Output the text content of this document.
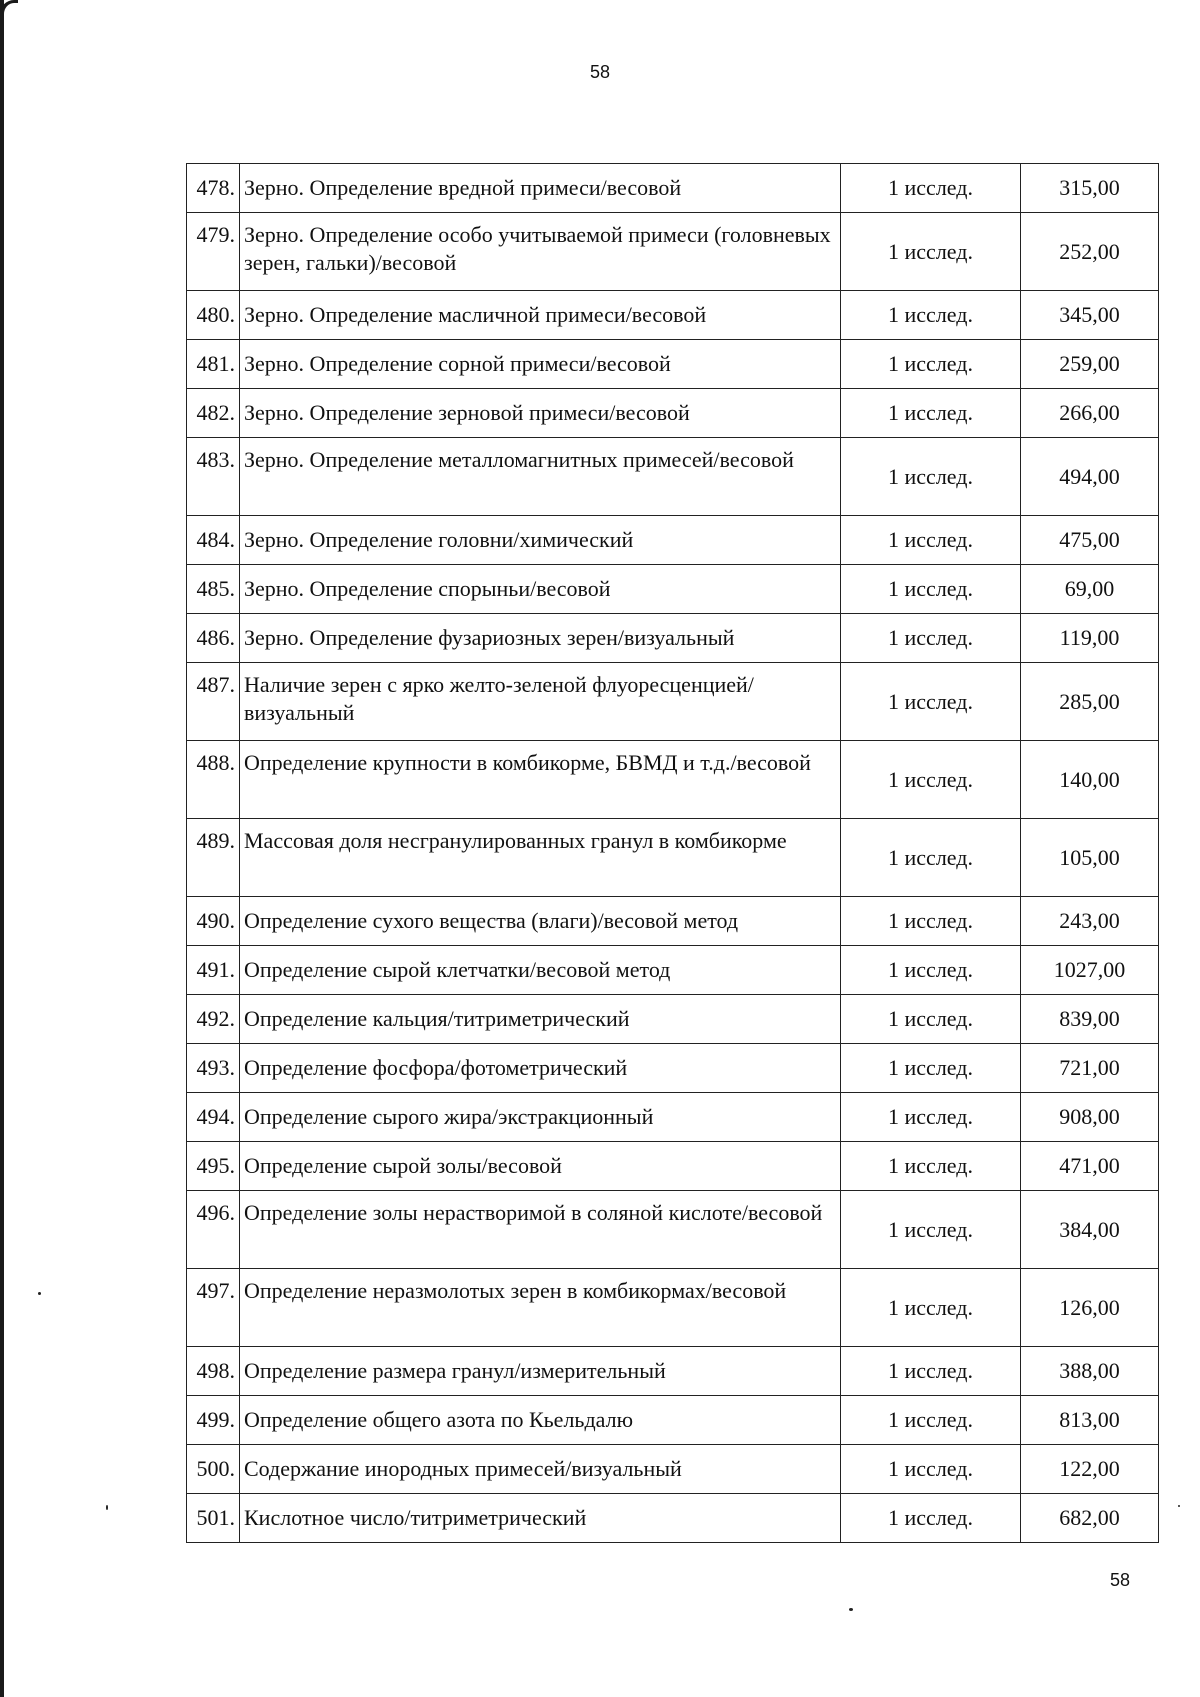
58
478.	Зерно. Определение вредной примеси/весовой	1 исслед.	315,00
479.	Зерно. Определение особо учитываемой примеси (головневых зерен, гальки)/весовой	1 исслед.	252,00
480.	Зерно. Определение масличной примеси/весовой	1 исслед.	345,00
481.	Зерно. Определение сорной примеси/весовой	1 исслед.	259,00
482.	Зерно. Определение зерновой примеси/весовой	1 исслед.	266,00
483.	Зерно. Определение металломагнитных примесей/весовой	1 исслед.	494,00
484.	Зерно. Определение головни/химический	1 исслед.	475,00
485.	Зерно. Определение спорыньи/весовой	1 исслед.	69,00
486.	Зерно. Определение фузариозных зерен/визуальный	1 исслед.	119,00
487.	Наличие зерен с ярко желто-зеленой флуоресценцией/визуальный	1 исслед.	285,00
488.	Определение крупности в комбикорме, БВМД и т.д./весовой	1 исслед.	140,00
489.	Массовая доля несгранулированных гранул в комбикорме	1 исслед.	105,00
490.	Определение сухого вещества (влаги)/весовой метод	1 исслед.	243,00
491.	Определение сырой клетчатки/весовой метод	1 исслед.	1027,00
492.	Определение кальция/титриметрический	1 исслед.	839,00
493.	Определение фосфора/фотометрический	1 исслед.	721,00
494.	Определение сырого жира/экстракционный	1 исслед.	908,00
495.	Определение сырой золы/весовой	1 исслед.	471,00
496.	Определение золы нерастворимой в соляной кислоте/весовой	1 исслед.	384,00
497.	Определение неразмолотых зерен в комбикормах/весовой	1 исслед.	126,00
498.	Определение размера гранул/измерительный	1 исслед.	388,00
499.	Определение общего азота по Кьельдалю	1 исслед.	813,00
500.	Содержание инородных примесей/визуальный	1 исслед.	122,00
501.	Кислотное число/титриметрический	1 исслед.	682,00
58
